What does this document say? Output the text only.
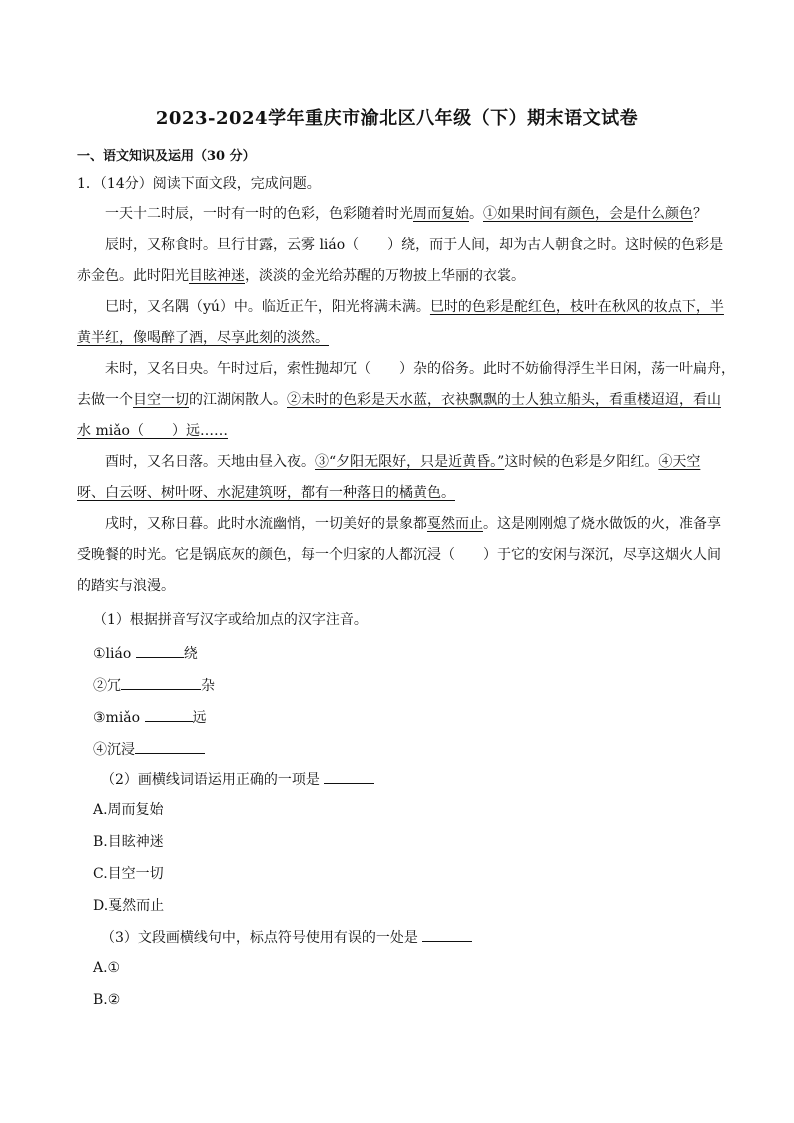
2023-2024学年重庆市渝北区八年级（下）期末语文试卷
一、语文知识及运用（30 分）
1．（14分）阅读下面文段，完成问题。
一天十二时辰，一时有一时的色彩，色彩随着时光周而复始。①如果时间有颜色，会是什么颜色？
辰时，又称食时。旦行甘露，云雾 liáo（　　）绕，而于人间，却为古人朝食之时。这时候的色彩是
赤金色。此时阳光目眩神迷，淡淡的金光给苏醒的万物披上华丽的衣裳。
巳时，又名隅（yú）中。临近正午，阳光将满未满。巳时的色彩是酡红色，枝叶在秋风的妆点下，半
黄半红，像喝醉了酒，尽享此刻的淡然。
未时，又名日央。午时过后，索性抛却冗（　　）杂的俗务。此时不妨偷得浮生半日闲，荡一叶扁舟，
去做一个目空一切的江湖闲散人。②未时的色彩是天水蓝，衣袂飘飘的士人独立船头，看重楼迢迢，看山
水 miǎo（　　）远……
酉时，又名日落。天地由昼入夜。③“夕阳无限好，只是近黄昏。”这时候的色彩是夕阳红。④天空
呀、白云呀、树叶呀、水泥建筑呀，都有一种落日的橘黄色。
戌时，又称日暮。此时水流幽悄，一切美好的景象都戛然而止。这是刚刚熄了烧水做饭的火，准备享
受晚餐的时光。它是锅底灰的颜色，每一个归家的人都沉浸（　　）于它的安闲与深沉，尽享这烟火人间
的踏实与浪漫。
（1）根据拼音写汉字或给加点的汉字注音。
①liáo	绕
②冗	杂
③miǎo	远
④沉浸
（2）画横线词语运用正确的一项是
A.周而复始
B.目眩神迷
C.目空一切
D.戛然而止
（3）文段画横线句中，标点符号使用有误的一处是
A.①
B.②
